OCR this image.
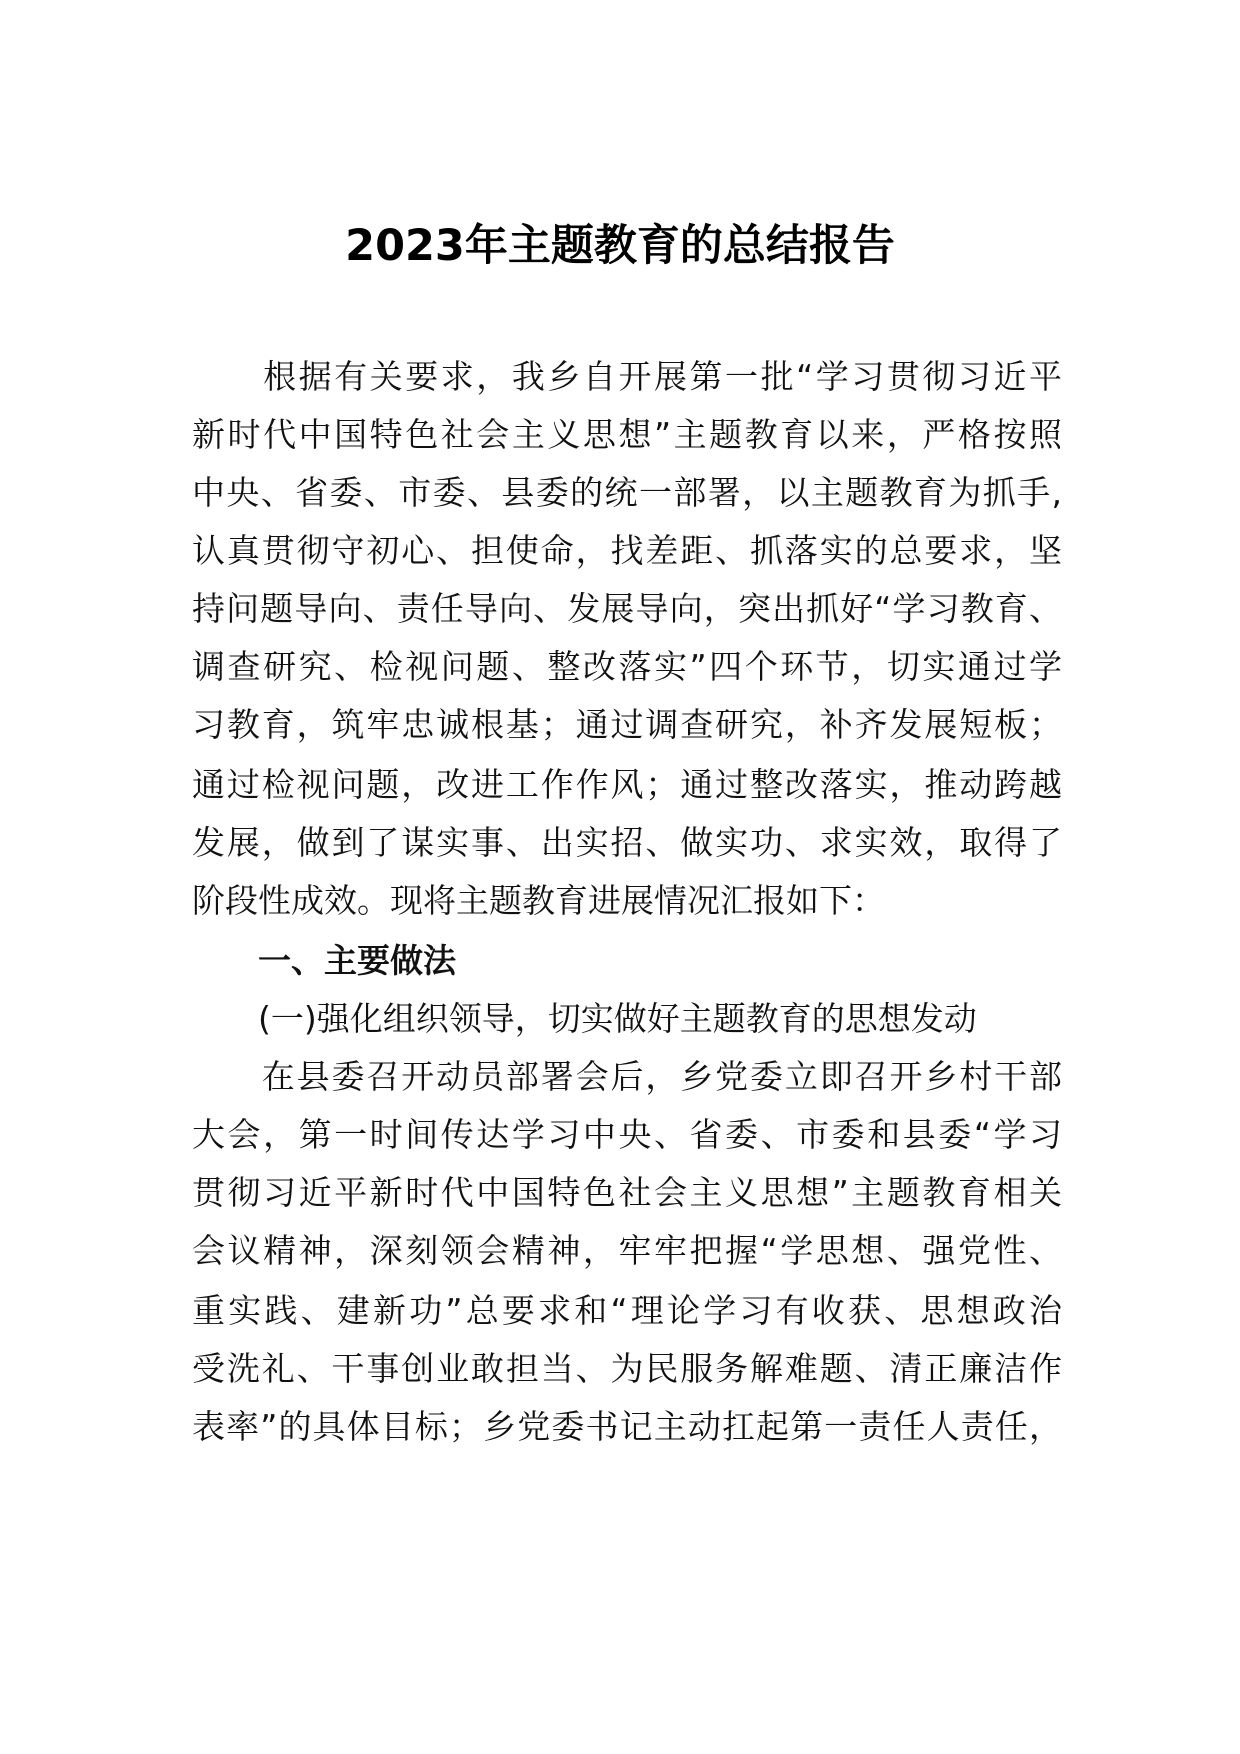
2023年主题教育的总结报告

　　根据有关要求，我乡自开展第一批“学习贯彻习近平

新时代中国特色社会主义思想”主题教育以来，严格按照

中央、省委、市委、县委的统一部署，以主题教育为抓手,

认真贯彻守初心、担使命，找差距、抓落实的总要求，坚

持问题导向、责任导向、发展导向，突出抓好“学习教育、

调查研究、检视问题、整改落实”四个环节，切实通过学

习教育，筑牢忠诚根基；通过调查研究，补齐发展短板；

通过检视问题，改进工作作风；通过整改落实，推动跨越

发展，做到了谋实事、出实招、做实功、求实效，取得了

阶段性成效。现将主题教育进展情况汇报如下：

　　一、主要做法

　　(一)强化组织领导，切实做好主题教育的思想发动

　　在县委召开动员部署会后，乡党委立即召开乡村干部

大会，第一时间传达学习中央、省委、市委和县委“学习

贯彻习近平新时代中国特色社会主义思想”主题教育相关

会议精神，深刻领会精神，牢牢把握“学思想、强党性、

重实践、建新功”总要求和“理论学习有收获、思想政治

受洗礼、干事创业敢担当、为民服务解难题、清正廉洁作

表率”的具体目标；乡党委书记主动扛起第一责任人责任，
